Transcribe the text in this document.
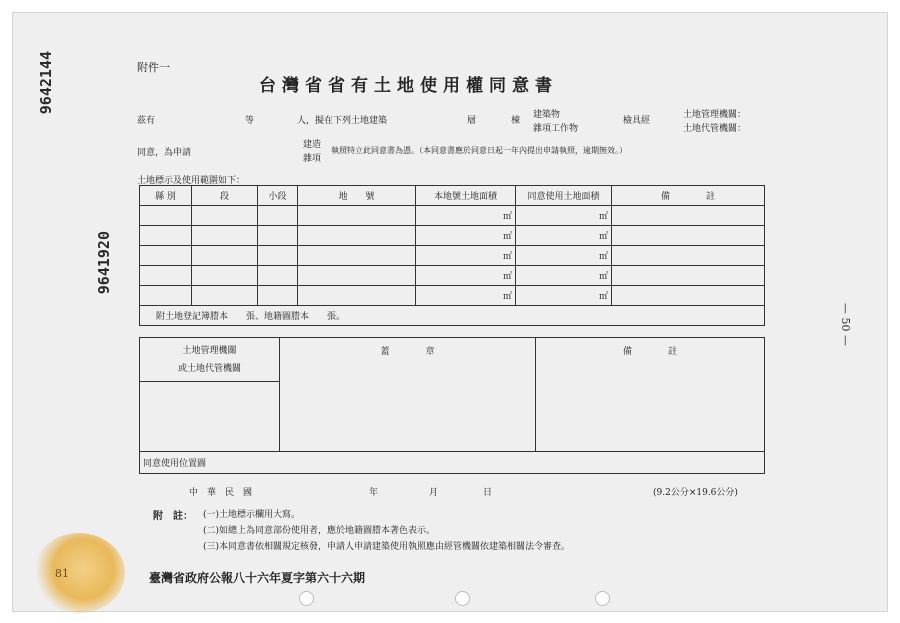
9642144
9641920
— 50 —
附件一
台灣省省有土地使用權同意書
茲有	等	人，擬在下列土地建築	層	棟
建築物
雜項工作物
檢具經
土地管理機關：
土地代管機關：
同意，為申請
建造
雜項
執照特立此同意書為憑。（本同意書應於同意日起一年內提出申請執照，逾期無效。）
土地標示及使用範圍如下：
縣 別	段	小段	地　　號	本地號土地面積	同意使用土地面積	備　　　　註
				㎡	㎡	
				㎡	㎡	
				㎡	㎡	
				㎡	㎡	
				㎡	㎡	
附土地登記簿謄本　　張、地籍圖謄本　　張。						
土地管理機關
或土地代管機關
	蓋　　　　章	備　　　　註

同意使用位置圖
中　華　民　國	年	月	日	(9.2公分×19.6公分)
附　註： (一)土地標示欄用大寫。
(二)如總上為同意部份使用者，應於地籍圖謄本著色表示。
(三)本同意書依相關規定核發，申請人申請建築使用執照應由經管機關依建築相關法令審查。
臺灣省政府公報八十六年夏字第六十六期
81
